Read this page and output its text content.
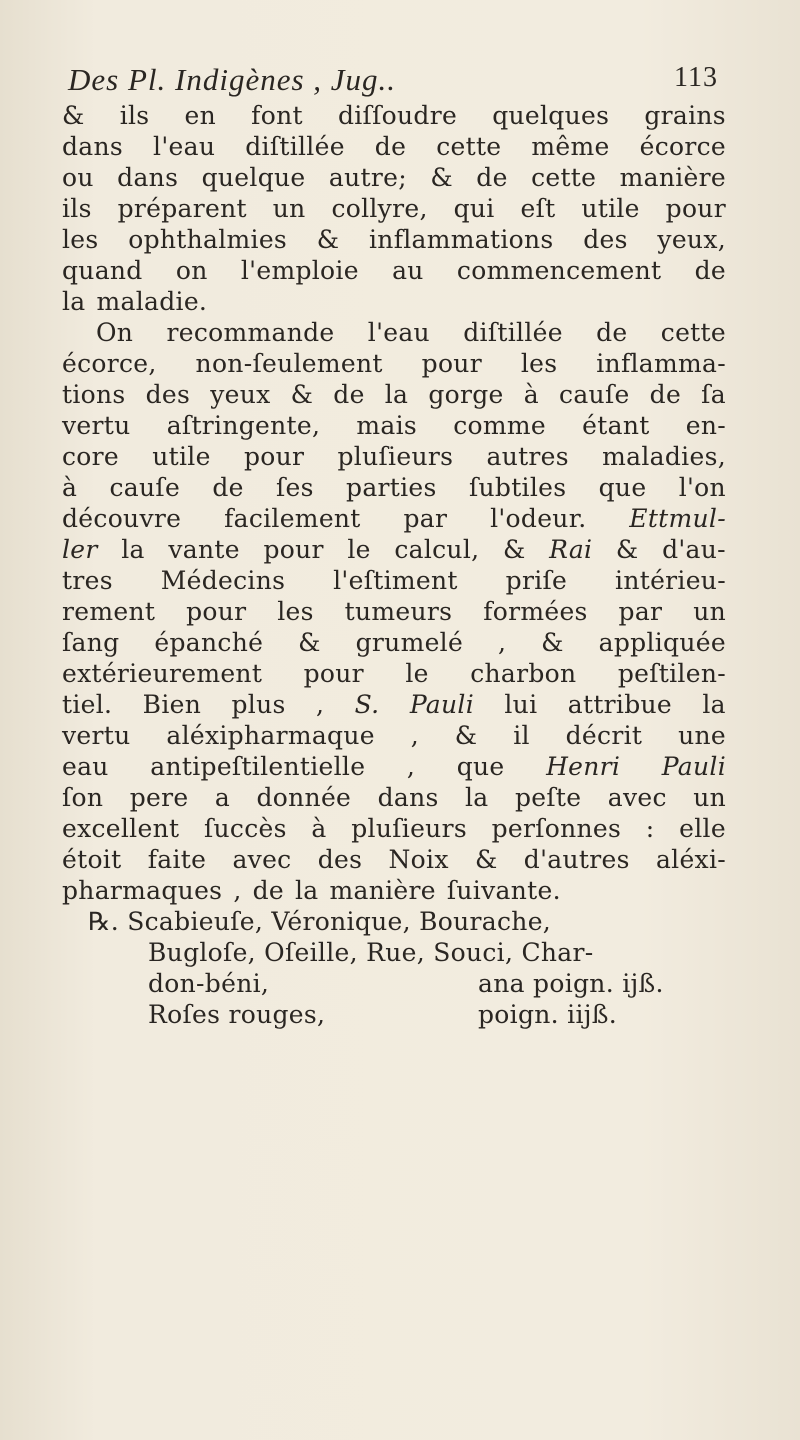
Des Pl. Indigènes , Jug..	113
& ils en font diſſoudre quelques grains
dans l'eau diſtillée de cette même écorce
ou dans quelque autre; & de cette manière
ils préparent un collyre, qui eſt utile pour
les ophthalmies & inflammations des yeux,
quand on l'emploie au commencement de
la maladie.
On recommande l'eau diſtillée de cette
écorce, non-ſeulement pour les inflamma-
tions des yeux & de la gorge à cauſe de ſa
vertu aſtringente, mais comme étant en-
core utile pour pluſieurs autres maladies,
à cauſe de ſes parties ſubtiles que l'on
découvre facilement par l'odeur. Ettmul-
ler la vante pour le calcul, & Rai & d'au-
tres Médecins l'eſtiment priſe intérieu-
rement pour les tumeurs formées par un
ſang épanché & grumelé , & appliquée
extérieurement pour le charbon peſtilen-
tiel. Bien plus , S. Pauli lui attribue la
vertu aléxipharmaque , & il décrit une
eau antipeſtilentielle , que Henri Pauli
ſon pere a donnée dans la peſte avec un
excellent ſuccès à pluſieurs perſonnes : elle
étoit faite avec des Noix & d'autres aléxi-
pharmaques , de la manière ſuivante.
℞. Scabieuſe, Véronique, Bourache,
Bugloſe, Oſeille, Rue, Souci, Char-
don-béni,	ana poign. ijß.
Roſes rouges,	poign. iijß.
